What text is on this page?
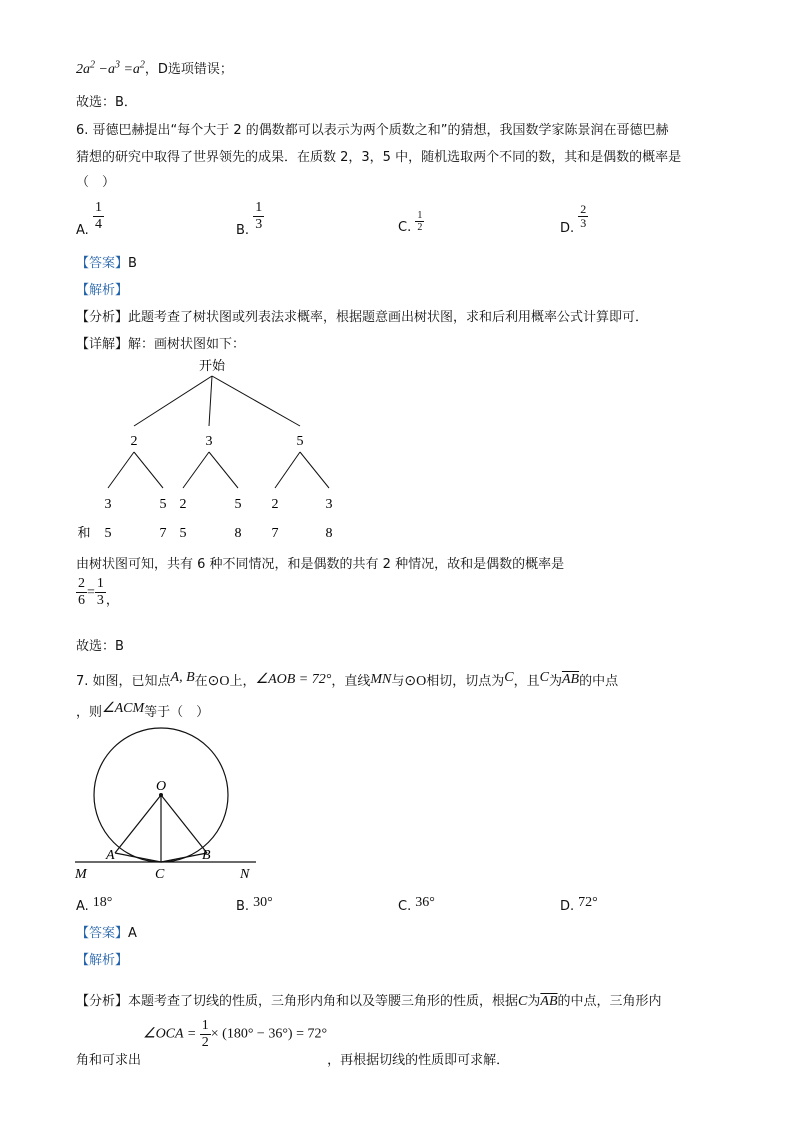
$2a^2 -a^3 =a^2$，D选项错误；
故选：B．
6. 哥德巴赫提出“每个大于 2 的偶数都可以表示为两个质数之和”的猜想，我国数学家陈景润在哥德巴赫
猜想的研究中取得了世界领先的成果．在质数 2，3，5 中，随机选取两个不同的数，其和是偶数的概率是
（　）
A. $\frac{1}{4}$	B. $\frac{1}{3}$	C. $\frac{1}{2}$	D. $\frac{2}{3}$
【答案】B
【解析】
【分析】此题考查了树状图或列表法求概率，根据题意画出树状图，求和后利用概率公式计算即可．
【详解】解：画树状图如下：
开始
2	3	5
3	5 2	5 2	3
和 5	7 5	8 7	8
由树状图可知，共有 6 种不同情况，和是偶数的共有 2 种情况，故和是偶数的概率是
$\frac{2}{6} = \frac{1}{3}$ ，
故选：B
7. 如图，已知点A, B在⊙O上，∠AOB = 72°，直线MN与⊙O相切，切点为C，且C为$\overline{AB}$的中点
，则∠ACM等于（　）
O
A	B
M	C	N
A. 18°	B. 30°	C. 36°	D. 72°
【答案】A
【解析】
【分析】本题考查了切线的性质，三角形内角和以及等腰三角形的性质，根据C为$\overline{AB}$的中点，三角形内
角和可求出∠OCA = $\frac{1}{2} \times (180^\circ - 36^\circ) = 72^\circ$，再根据切线的性质即可求解．
